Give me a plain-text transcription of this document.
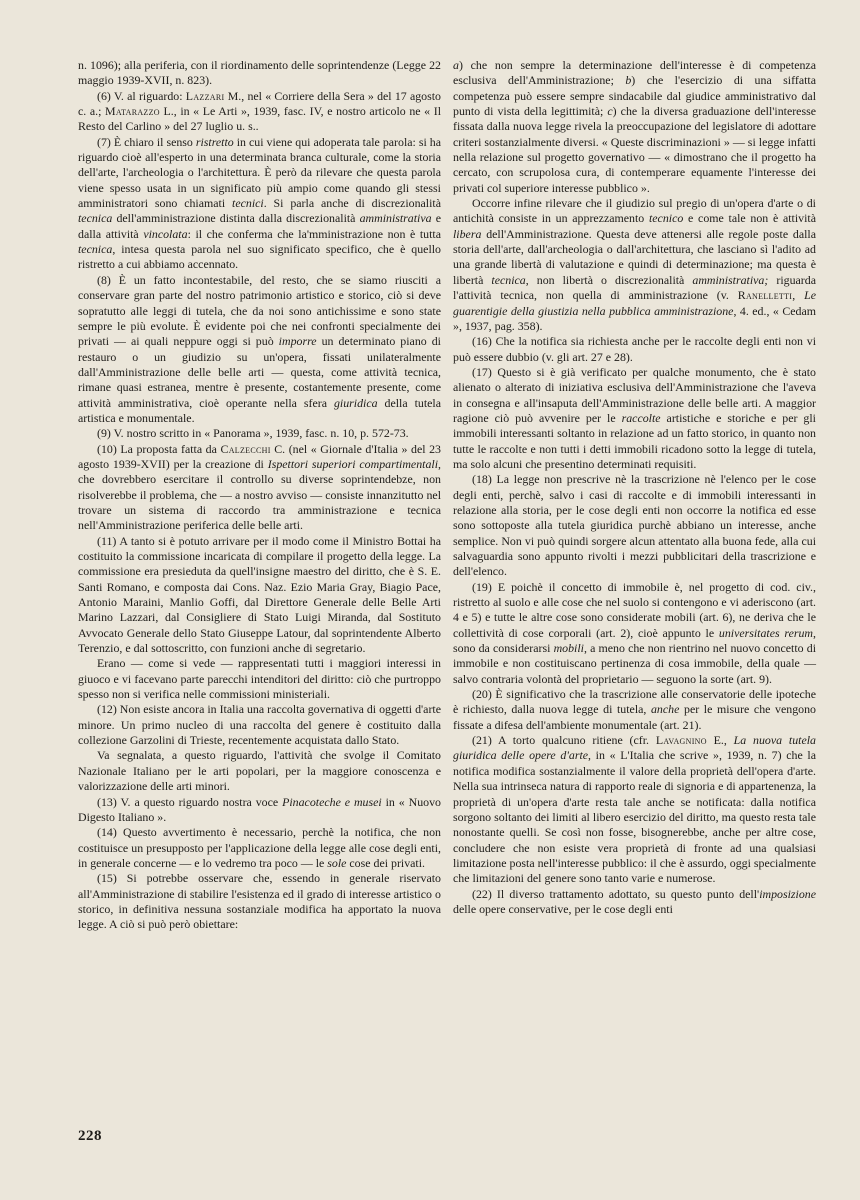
n. 1096); alla periferia, con il riordinamento delle soprintendenze (Legge 22 maggio 1939-XVII, n. 823).

(6) V. al riguardo: Lazzari M., nel « Corriere della Sera » del 17 agosto c. a.; Matarazzo L., in « Le Arti », 1939, fasc. IV, e nostro articolo ne « Il Resto del Carlino » del 27 luglio u. s..

(7) È chiaro il senso ristretto in cui viene qui adoperata tale parola: si ha riguardo cioè all'esperto in una determinata branca culturale, come la storia dell'arte, l'archeologia o l'architettura. È però da rilevare che questa parola viene spesso usata in un significato più ampio come quando gli stessi amministratori sono chiamati tecnici. Si parla anche di discrezionalità tecnica dell'amministrazione distinta dalla discrezionalità amministrativa e dalla attività vincolata: il che conferma che la'mministrazione non è tutta tecnica, intesa questa parola nel suo significato specifico, che è quello ristretto a cui abbiamo accennato.

(8) È un fatto incontestabile, del resto, che se siamo riusciti a conservare gran parte del nostro patrimonio artistico e storico, ciò si deve sopratutto alle leggi di tutela, che da noi sono antichissime e sono state sempre le più evolute. È evidente poi che nei confronti specialmente dei privati — ai quali neppure oggi si può imporre un determinato piano di restauro o un giudizio su un'opera, fissati unilateralmente dall'Amministrazione delle belle arti — questa, come attività tecnica, rimane quasi estranea, mentre è presente, costantemente presente, come attività amministrativa, cioè operante nella sfera giuridica della tutela artistica e monumentale.

(9) V. nostro scritto in « Panorama », 1939, fasc. n. 10, p. 572-73.

(10) La proposta fatta da Calzecchi C. (nel « Giornale d'Italia » del 23 agosto 1939-XVII) per la creazione di Ispettori superiori compartimentali, che dovrebbero esercitare il controllo su diverse soprintendebze, non risolverebbe il problema, che — a nostro avviso — consiste innanzitutto nel trovare un sistema di raccordo tra amministrazione e tecnica nell'Amministrazione periferica delle belle arti.

(11) A tanto si è potuto arrivare per il modo come il Ministro Bottai ha costituito la commissione incaricata di compilare il progetto della legge. La commissione era presieduta da quell'insigne maestro del diritto, che è S. E. Santi Romano, e composta dai Cons. Naz. Ezio Maria Gray, Biagio Pace, Antonio Maraini, Manlio Goffi, dal Direttore Generale delle Belle Arti Marino Lazzari, dal Consigliere di Stato Luigi Miranda, dal Sostituto Avvocato Generale dello Stato Giuseppe Latour, dal soprintendente Alberto Terenzio, e dal sottoscritto, con funzioni anche di segretario.

Erano — come si vede — rappresentati tutti i maggiori interessi in giuoco e vi facevano parte parecchi intenditori del diritto: ciò che purtroppo spesso non si verifica nelle commissioni ministeriali.

(12) Non esiste ancora in Italia una raccolta governativa di oggetti d'arte minore. Un primo nucleo di una raccolta del genere è costituito dalla collezione Garzolini di Trieste, recentemente acquistata dallo Stato.

Va segnalata, a questo riguardo, l'attività che svolge il Comitato Nazionale Italiano per le arti popolari, per la maggiore conoscenza e valorizzazione delle arti minori.

(13) V. a questo riguardo nostra voce Pinacoteche e musei in « Nuovo Digesto Italiano ».

(14) Questo avvertimento è necessario, perchè la notifica, che non costituisce un presupposto per l'applicazione della legge alle cose degli enti, in generale concerne — e lo vedremo tra poco — le sole cose dei privati.

(15) Si potrebbe osservare che, essendo in generale riservato all'Amministrazione di stabilire l'esistenza ed il grado di interesse artistico o storico, in definitiva nessuna sostanziale modifica ha apportato la nuova legge. A ciò si può però obiettare:

a) che non sempre la determinazione dell'interesse è di competenza esclusiva dell'Amministrazione; b) che l'esercizio di una siffatta competenza può essere sempre sindacabile dal giudice amministrativo dal punto di vista della legittimità; c) che la diversa graduazione dell'interesse fissata dalla nuova legge rivela la preoccupazione del legislatore di adottare criteri sostanzialmente diversi. « Queste discriminazioni » — si legge infatti nella relazione sul progetto governativo — « dimostrano che il progetto ha cercato, con scrupolosa cura, di contemperare equamente l'interesse dei privati col superiore interesse pubblico ».

Occorre infine rilevare che il giudizio sul pregio di un'opera d'arte o di antichità consiste in un apprezzamento tecnico e come tale non è attività libera dell'Amministrazione. Questa deve attenersi alle regole poste dalla storia dell'arte, dall'archeologia o dall'architettura, che lasciano sì l'adito ad una grande libertà di valutazione e quindi di determinazione; ma questa è libertà tecnica, non libertà o discrezionalità amministrativa; riguarda l'attività tecnica, non quella di amministrazione (v. Ranelletti, Le guarentigie della giustizia nella pubblica amministrazione, 4. ed., « Cedam », 1937, pag. 358).

(16) Che la notifica sia richiesta anche per le raccolte degli enti non vi può essere dubbio (v. gli art. 27 e 28).

(17) Questo si è già verificato per qualche monumento, che è stato alienato o alterato di iniziativa esclusiva dell'Amministrazione che l'aveva in consegna e all'insaputa dell'Amministrazione delle belle arti. A maggior ragione ciò può avvenire per le raccolte artistiche e storiche e per gli immobili interessanti soltanto in relazione ad un fatto storico, in quanto non tutte le raccolte e non tutti i detti immobili ricadono sotto la legge di tutela, ma solo alcuni che presentino determinati requisiti.

(18) La legge non prescrive nè la trascrizione nè l'elenco per le cose degli enti, perchè, salvo i casi di raccolte e di immobili interessanti in relazione alla storia, per le cose degli enti non occorre la notifica ed esse sono sottoposte alla tutela giuridica purchè abbiano un interesse, anche semplice. Non vi può quindi sorgere alcun attentato alla buona fede, alla cui salvaguardia sono appunto rivolti i mezzi pubblicitari della trascrizione e dell'elenco.

(19) E poichè il concetto di immobile è, nel progetto di cod. civ., ristretto al suolo e alle cose che nel suolo si contengono e vi aderiscono (art. 4 e 5) e tutte le altre cose sono considerate mobili (art. 6), ne deriva che le collettività di cose corporali (art. 2), cioè appunto le universitates rerum, sono da considerarsi mobili, a meno che non rientrino nel nuovo concetto di immobile e non costituiscano pertinenza di cosa immobile, della quale — salvo contraria volontà del proprietario — seguono la sorte (art. 9).

(20) È significativo che la trascrizione alle conservatorie delle ipoteche è richiesto, dalla nuova legge di tutela, anche per le misure che vengono fissate a difesa dell'ambiente monumentale (art. 21).

(21) A torto qualcuno ritiene (cfr. Lavagnino E., La nuova tutela giuridica delle opere d'arte, in « L'Italia che scrive », 1939, n. 7) che la notifica modifica sostanzialmente il valore della proprietà dell'opera d'arte. Nella sua intrinseca natura di rapporto reale di signoria e di appartenenza, la proprietà di un'opera d'arte resta tale anche se notificata: dalla notifica sorgono soltanto dei limiti al libero esercizio del diritto, ma questo resta tale nonostante quelli. Se così non fosse, bisognerebbe, anche per altre cose, concludere che non esiste vera proprietà di fronte ad una qualsiasi limitazione posta nell'interesse pubblico: il che è assurdo, oggi specialmente che limitazioni del genere sono tanto varie e numerose.

(22) Il diverso trattamento adottato, su questo punto dell'imposizione delle opere conservative, per le cose degli enti

228
